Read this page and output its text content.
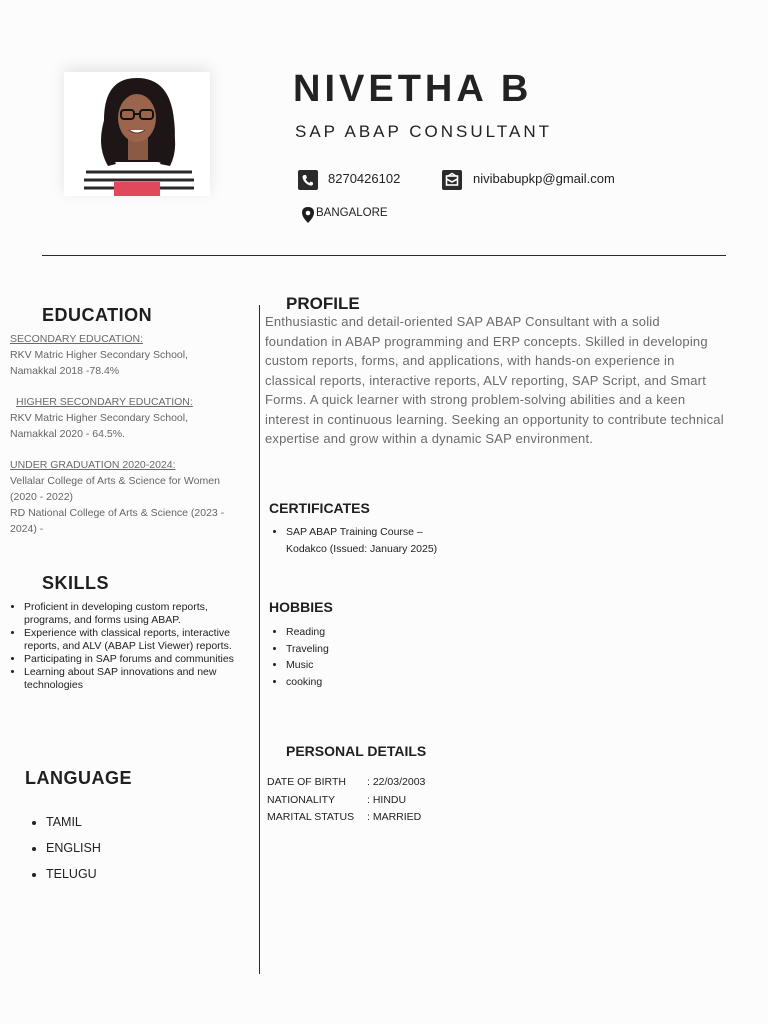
NIVETHA B
SAP ABAP CONSULTANT
8270426102	nivibabupkp@gmail.com
BANGALORE
EDUCATION
SECONDARY EDUCATION:
RKV Matric Higher Secondary School,
Namakkal 2018 -78.4%
HIGHER SECONDARY EDUCATION:
RKV Matric Higher Secondary School,
Namakkal 2020 - 64.5%.
UNDER GRADUATION 2020-2024:
Vellalar College of Arts & Science for Women
(2020 - 2022)
RD National College of Arts & Science (2023 -
2024) -
SKILLS
• Proficient in developing custom reports, programs, and forms using ABAP.
• Experience with classical reports, interactive reports, and ALV (ABAP List Viewer) reports.
• Participating in SAP forums and communities
• Learning about SAP innovations and new technologies
LANGUAGE
• TAMIL
• ENGLISH
• TELUGU
PROFILE
Enthusiastic and detail-oriented SAP ABAP Consultant with a solid foundation in ABAP programming and ERP concepts. Skilled in developing custom reports, forms, and applications, with hands-on experience in classical reports, interactive reports, ALV reporting, SAP Script, and Smart Forms. A quick learner with strong problem-solving abilities and a keen interest in continuous learning. Seeking an opportunity to contribute technical expertise and grow within a dynamic SAP environment.
CERTIFICATES
• SAP ABAP Training Course – Kodakco (Issued: January 2025)
HOBBIES
• Reading
• Traveling
• Music
• cooking
PERSONAL DETAILS
DATE OF BIRTH : 22/03/2003
NATIONALITY	: HINDU
MARITAL STATUS : MARRIED
